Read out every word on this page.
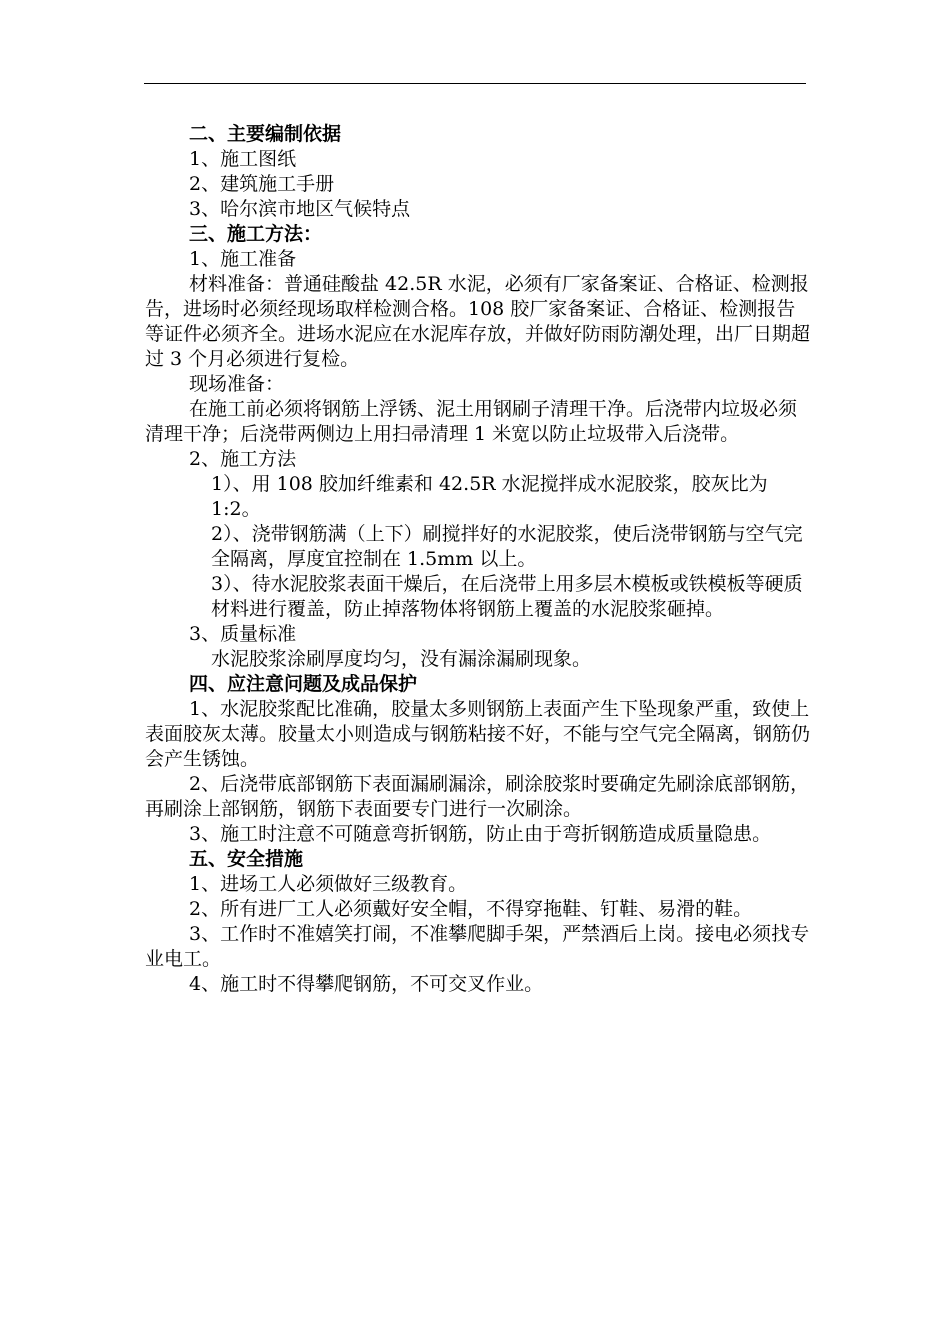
二、主要编制依据

1、施工图纸

2、建筑施工手册

3、哈尔滨市地区气候特点

三、施工方法：

1、施工准备

材料准备：普通硅酸盐 42.5R 水泥，必须有厂家备案证、合格证、检测报告，进场时必须经现场取样检测合格。108 胶厂家备案证、合格证、检测报告等证件必须齐全。进场水泥应在水泥库存放，并做好防雨防潮处理，出厂日期超过 3 个月必须进行复检。

现场准备：

在施工前必须将钢筋上浮锈、泥土用钢刷子清理干净。后浇带内垃圾必须清理干净；后浇带两侧边上用扫帚清理 1 米宽以防止垃圾带入后浇带。

2、施工方法

1）、用 108 胶加纤维素和 42.5R 水泥搅拌成水泥胶浆，胶灰比为 1:2。

2）、浇带钢筋满（上下）刷搅拌好的水泥胶浆，使后浇带钢筋与空气完全隔离，厚度宜控制在 1.5mm 以上。

3）、待水泥胶浆表面干燥后，在后浇带上用多层木模板或铁模板等硬质材料进行覆盖，防止掉落物体将钢筋上覆盖的水泥胶浆砸掉。

3、质量标准

水泥胶浆涂刷厚度均匀，没有漏涂漏刷现象。

四、应注意问题及成品保护

1、水泥胶浆配比准确，胶量太多则钢筋上表面产生下坠现象严重，致使上表面胶灰太薄。胶量太小则造成与钢筋粘接不好，不能与空气完全隔离，钢筋仍会产生锈蚀。

2、后浇带底部钢筋下表面漏刷漏涂，刷涂胶浆时要确定先刷涂底部钢筋，再刷涂上部钢筋，钢筋下表面要专门进行一次刷涂。

3、施工时注意不可随意弯折钢筋，防止由于弯折钢筋造成质量隐患。

五、安全措施

1、进场工人必须做好三级教育。

2、所有进厂工人必须戴好安全帽，不得穿拖鞋、钉鞋、易滑的鞋。

3、工作时不准嬉笑打闹，不准攀爬脚手架，严禁酒后上岗。接电必须找专业电工。

4、施工时不得攀爬钢筋，不可交叉作业。
